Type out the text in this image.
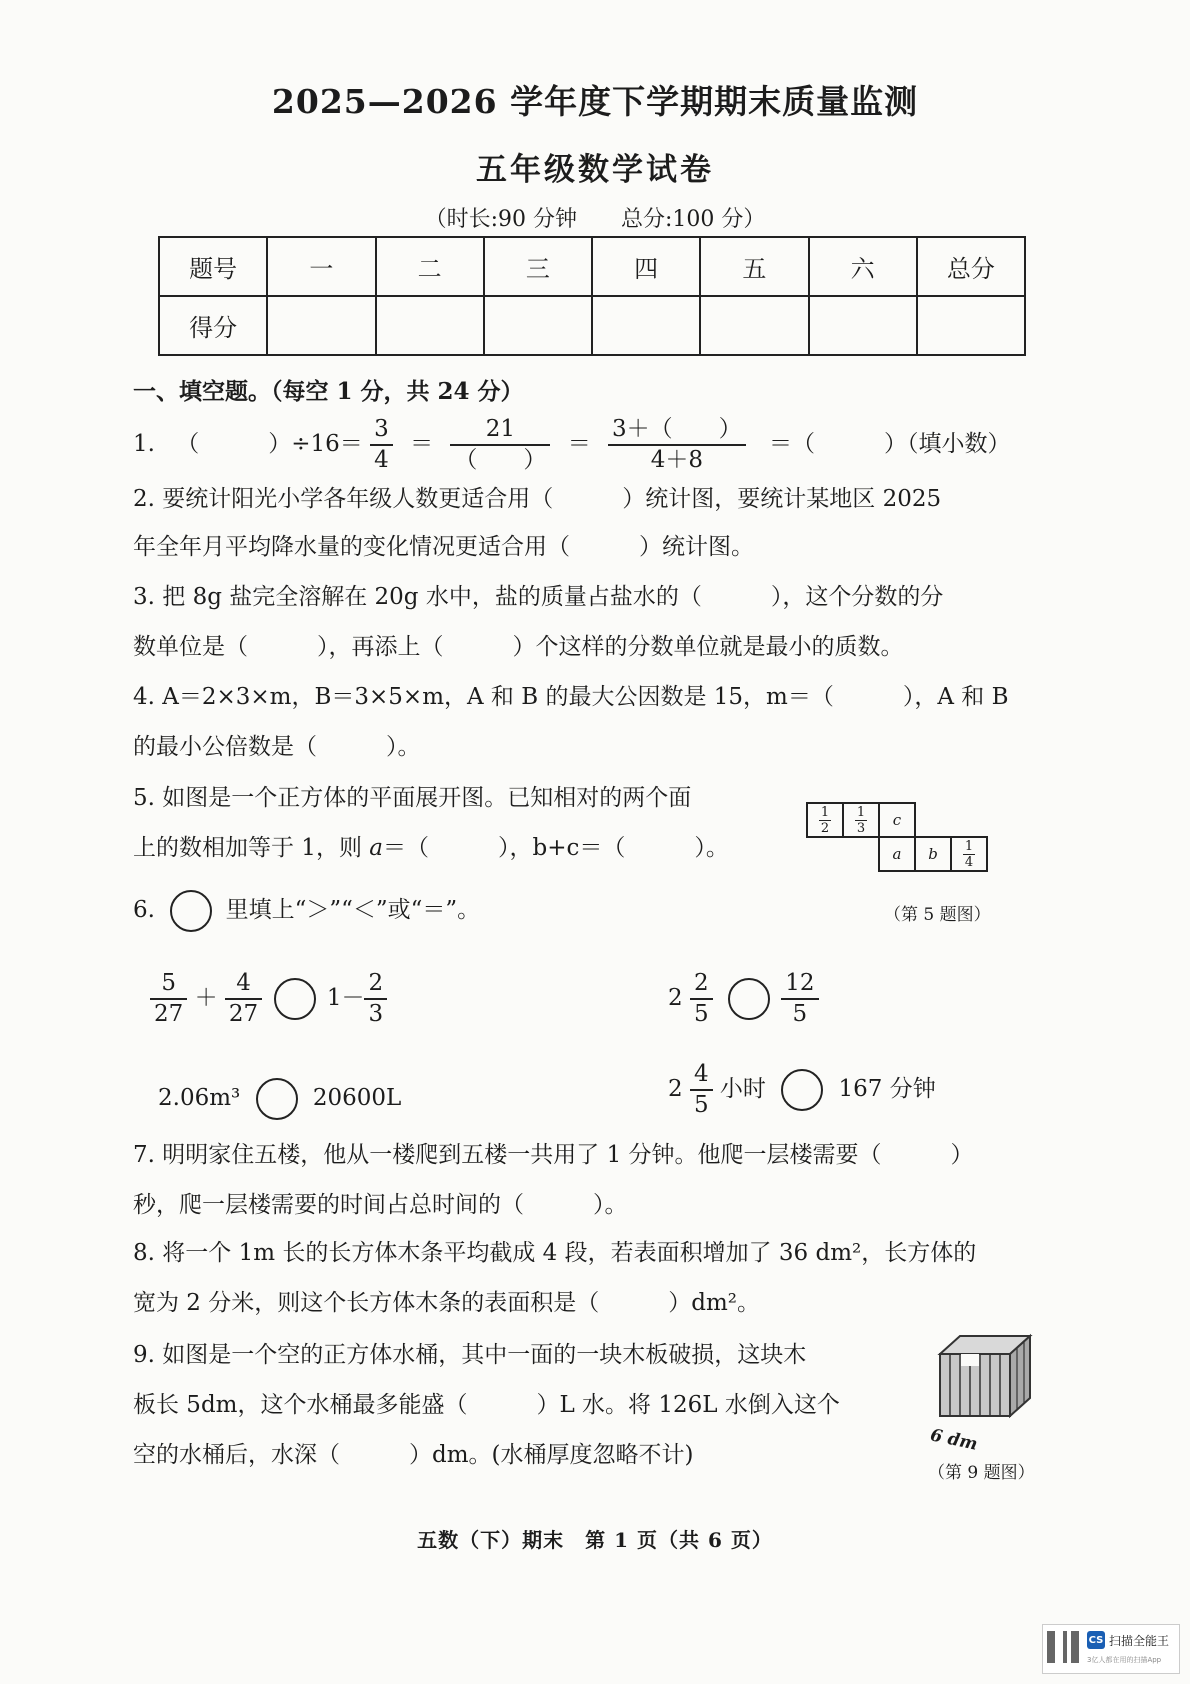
2025—2026 学年度下学期期末质量监测
五年级数学试卷
（时长:90 分钟　　总分:100 分）
题号	一	二	三	四	五	六	总分
得分							
一、填空题。（每空 1 分，共 24 分）
1. （　　　）$\div 16= \frac{3}{4} = \frac{21}{( )} = \frac{3+( )}{4+8}$ ＝（　　　）（填小数）
2. 要统计阳光小学各年级人数更适合用（　　　）统计图，要统计某地区 2025
年全年月平均降水量的变化情况更适合用（　　　）统计图。
3. 把 8g 盐完全溶解在 20g 水中，盐的质量占盐水的（　　　），这个分数的分
数单位是（　　　），再添上（　　　）个这样的分数单位就是最小的质数。
4. A＝2×3×m，B＝3×5×m，A 和 B 的最大公因数是 15，m＝（　　　），A 和 B
的最小公倍数是（　　　）。
5. 如图是一个正方体的平面展开图。已知相对的两个面
上的数相加等于 1，则 a＝（　　　），b+c＝（　　　）。
$\frac{1}{2} \frac{1}{3}$	c
a	b	$\frac{1}{4}$
（第 5 题图）
6.	里填上“＞”“＜”或“＝”。
$\frac{5}{27} + \frac{4}{27}$	$1- \frac{2}{3}$	$2 \frac{2}{5}$
	$\frac{12}{5}$
2.06m³	20600L	$2 \frac{4}{5}$ 小时	167 分钟
7. 明明家住五楼，他从一楼爬到五楼一共用了 1 分钟。他爬一层楼需要（　　　）
秒，爬一层楼需要的时间占总时间的（　　　）。
8. 将一个 1m 长的长方体木条平均截成 4 段，若表面积增加了 36 dm²，长方体的
宽为 2 分米，则这个长方体木条的表面积是（　　　）dm²。
9. 如图是一个空的正方体水桶，其中一面的一块木板破损，这块木
板长 5dm，这个水桶最多能盛（　　　）L 水。将 126L 水倒入这个
空的水桶后，水深（　　　）dm。(水桶厚度忽略不计)
6 dm
（第 9 题图）
五数（下）期末　第 1 页（共 6 页）
CS 扫描全能王
3亿人都在用的扫描App
